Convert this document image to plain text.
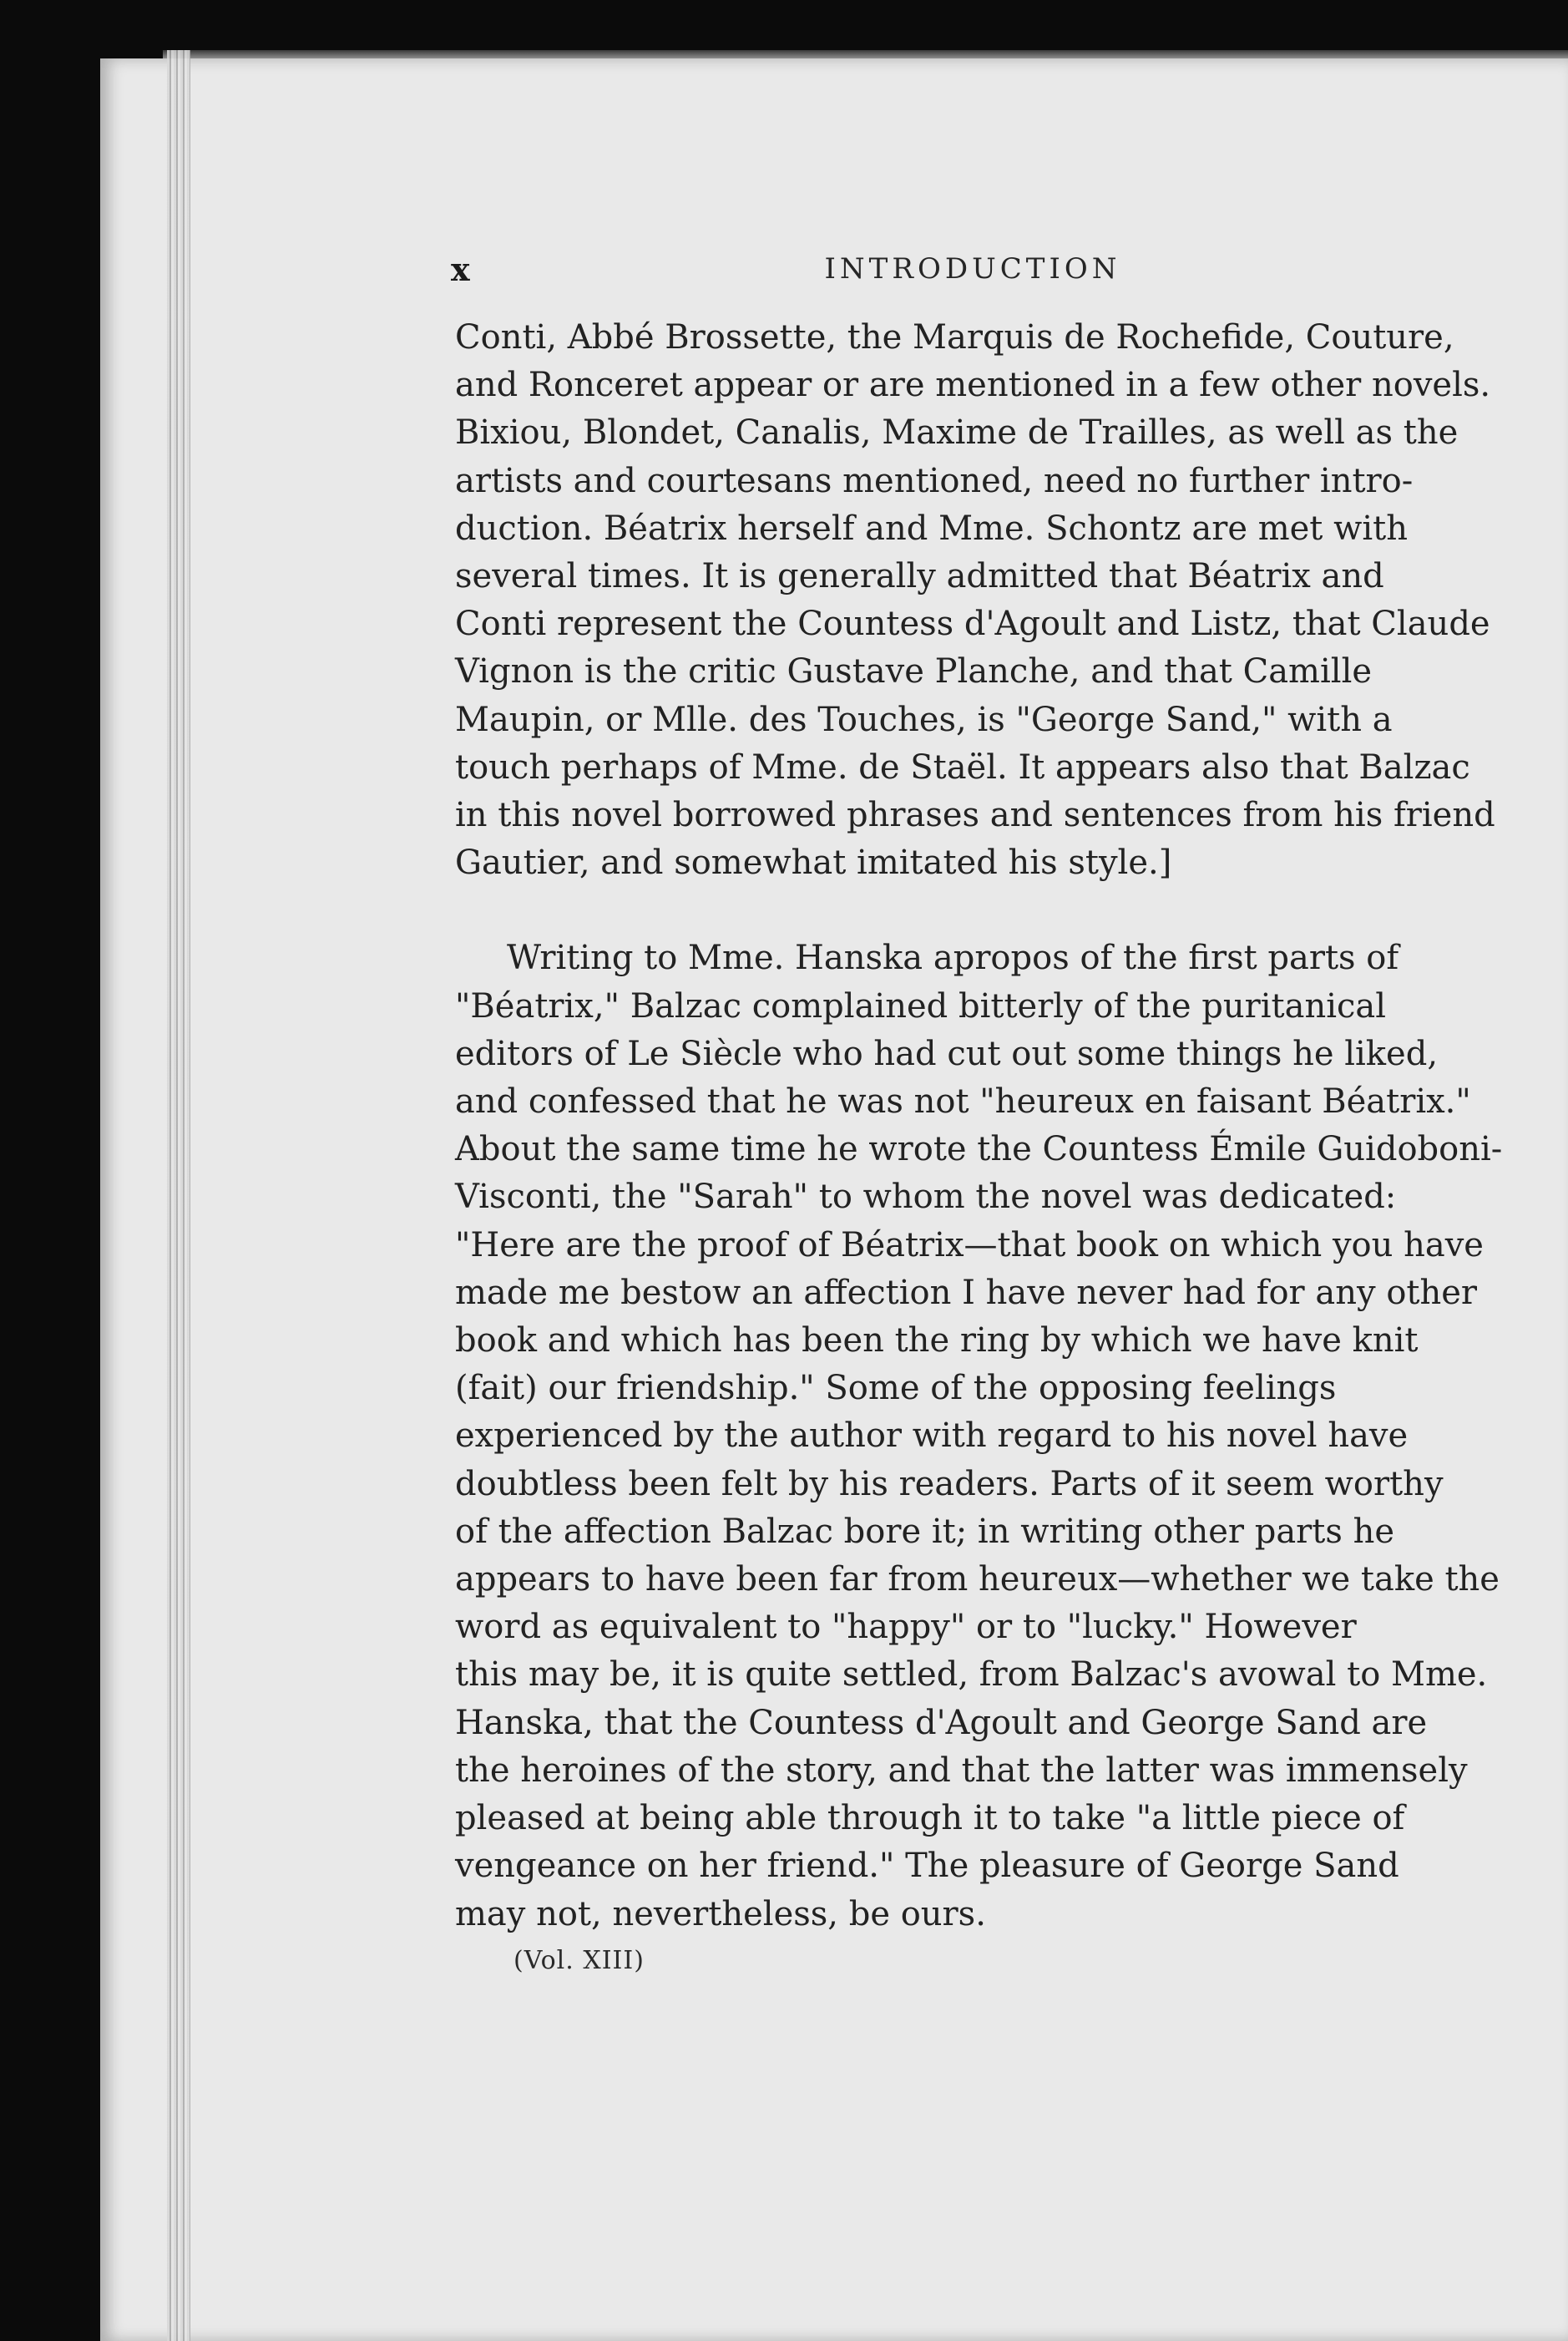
x	INTRODUCTION

Conti, Abbé Brossette, the Marquis de Rochefide, Couture,
and Ronceret appear or are mentioned in a few other novels.
Bixiou, Blondet, Canalis, Maxime de Trailles, as well as the
artists and courtesans mentioned, need no further intro-
duction. Béatrix herself and Mme. Schontz are met with
several times. It is generally admitted that Béatrix and
Conti represent the Countess d'Agoult and Listz, that Claude
Vignon is the critic Gustave Planche, and that Camille
Maupin, or Mlle. des Touches, is "George Sand," with a
touch perhaps of Mme. de Staël. It appears also that Balzac
in this novel borrowed phrases and sentences from his friend
Gautier, and somewhat imitated his style.]

Writing to Mme. Hanska apropos of the first parts of
"Béatrix," Balzac complained bitterly of the puritanical
editors of Le Siècle who had cut out some things he liked,
and confessed that he was not "heureux en faisant Béatrix."
About the same time he wrote the Countess Émile Guidoboni-
Visconti, the "Sarah" to whom the novel was dedicated:
"Here are the proof of Béatrix—that book on which you have
made me bestow an affection I have never had for any other
book and which has been the ring by which we have knit
(fait) our friendship." Some of the opposing feelings
experienced by the author with regard to his novel have
doubtless been felt by his readers. Parts of it seem worthy
of the affection Balzac bore it; in writing other parts he
appears to have been far from heureux—whether we take the
word as equivalent to "happy" or to "lucky." However
this may be, it is quite settled, from Balzac's avowal to Mme.
Hanska, that the Countess d'Agoult and George Sand are
the heroines of the story, and that the latter was immensely
pleased at being able through it to take "a little piece of
vengeance on her friend." The pleasure of George Sand
may not, nevertheless, be ours.

(Vol. XIII)
